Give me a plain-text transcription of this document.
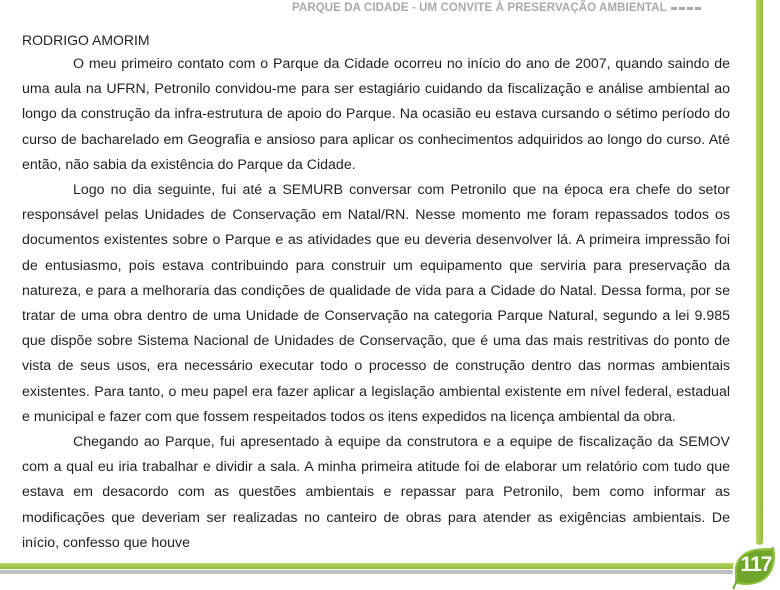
PARQUE DA CIDADE - UM CONVITE À PRESERVAÇÃO AMBIENTAL
RODRIGO AMORIM

O meu primeiro contato com o Parque da Cidade ocorreu no início do ano de 2007, quando saindo de uma aula na UFRN, Petronilo convidou-me para ser estagiário cuidando da fiscalização e análise ambiental ao longo da construção da infra-estrutura de apoio do Parque. Na ocasião eu estava cursando o sétimo período do curso de bacharelado em Geografia e ansioso para aplicar os conhecimentos adquiridos ao longo do curso. Até então, não sabia da existência do Parque da Cidade.

Logo no dia seguinte, fui até a SEMURB conversar com Petronilo que na época era chefe do setor responsável pelas Unidades de Conservação em Natal/RN. Nesse momento me foram repassados todos os documentos existentes sobre o Parque e as atividades que eu deveria desenvolver lá. A primeira impressão foi de entusiasmo, pois estava contribuindo para construir um equipamento que serviria para preservação da natureza, e para a melhoraria das condições de qualidade de vida para a Cidade do Natal. Dessa forma, por se tratar de uma obra dentro de uma Unidade de Conservação na categoria Parque Natural, segundo a lei 9.985 que dispõe sobre Sistema Nacional de Unidades de Conservação, que é uma das mais restritivas do ponto de vista de seus usos, era necessário executar todo o processo de construção dentro das normas ambientais existentes. Para tanto, o meu papel era fazer aplicar a legislação ambiental existente em nível federal, estadual e municipal e fazer com que fossem respeitados todos os itens expedidos na licença ambiental da obra.

Chegando ao Parque, fui apresentado à equipe da construtora e a equipe de fiscalização da SEMOV com a qual eu iria trabalhar e dividir a sala. A minha primeira atitude foi de elaborar um relatório com tudo que estava em desacordo com as questões ambientais e repassar para Petronilo, bem como informar as modificações que deveriam ser realizadas no canteiro de obras para atender as exigências ambientais. De início, confesso que houve

117
